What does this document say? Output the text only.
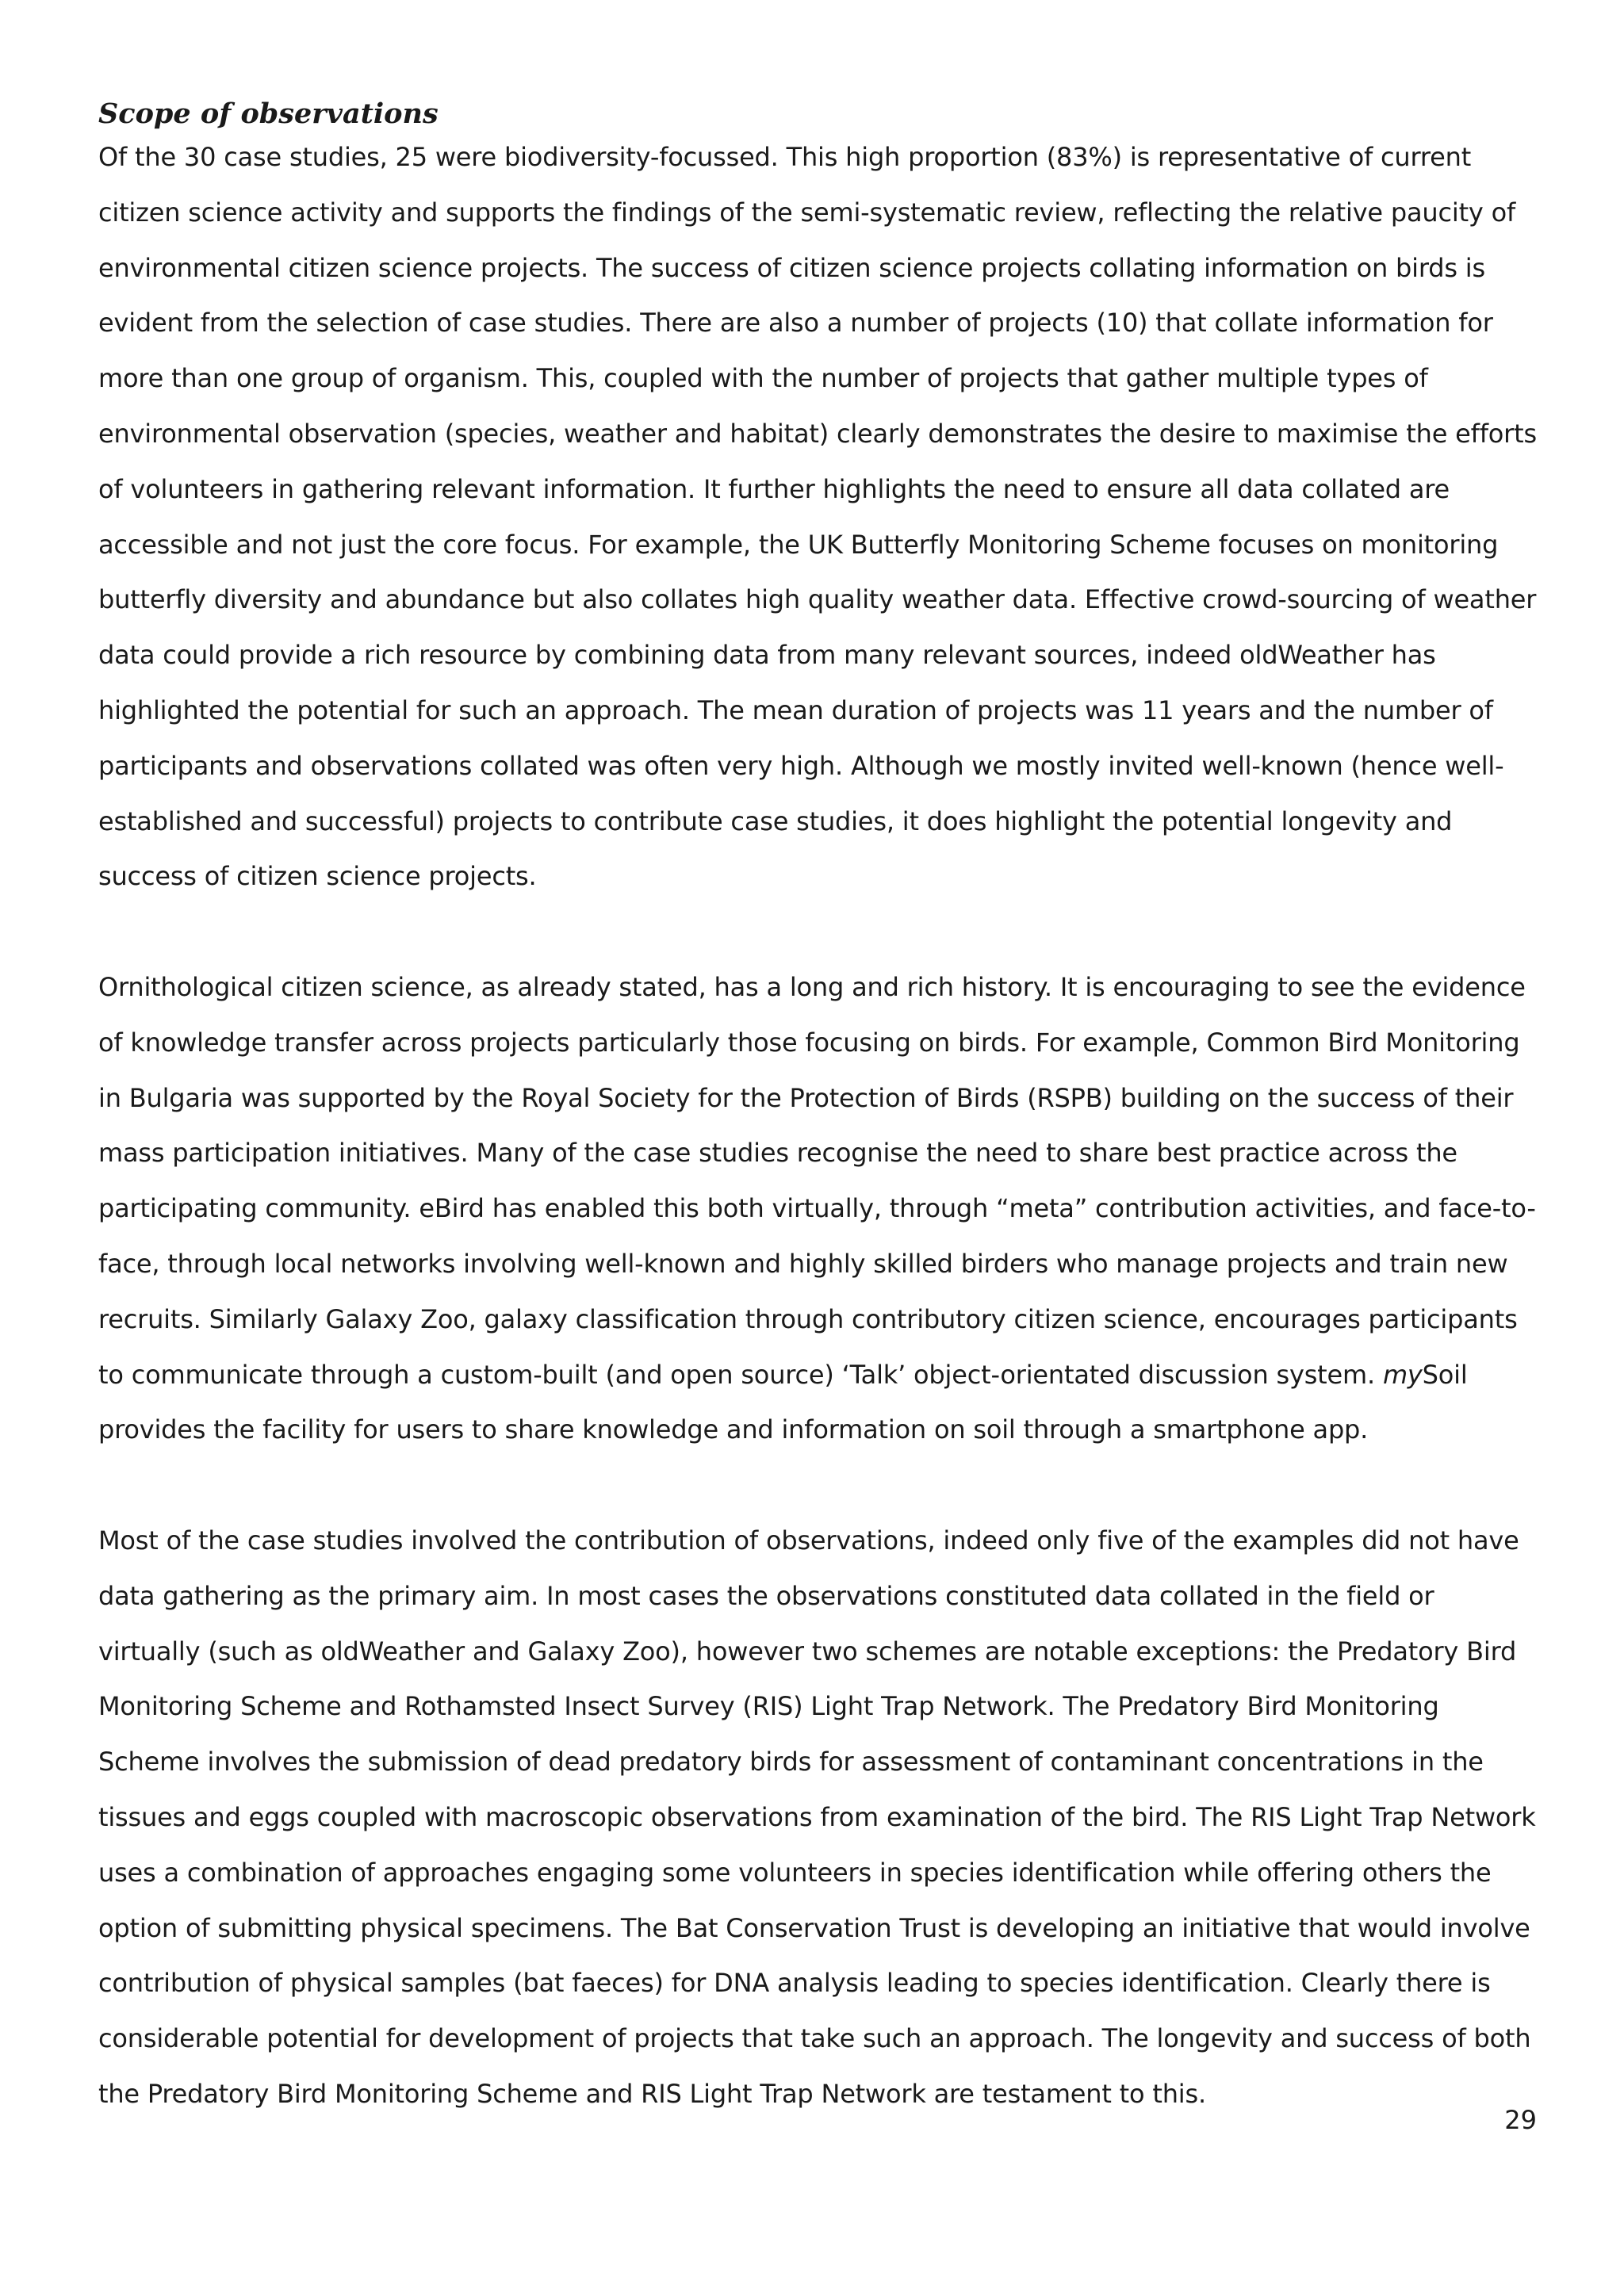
Scope of observations

Of the 30 case studies, 25 were biodiversity-focussed. This high proportion (83%) is representative of current citizen science activity and supports the findings of the semi-systematic review, reflecting the relative paucity of environmental citizen science projects. The success of citizen science projects collating information on birds is evident from the selection of case studies. There are also a number of projects (10) that collate information for more than one group of organism. This, coupled with the number of projects that gather multiple types of environmental observation (species, weather and habitat) clearly demonstrates the desire to maximise the efforts of volunteers in gathering relevant information. It further highlights the need to ensure all data collated are accessible and not just the core focus. For example, the UK Butterfly Monitoring Scheme focuses on monitoring butterfly diversity and abundance but also collates high quality weather data. Effective crowd-sourcing of weather data could provide a rich resource by combining data from many relevant sources, indeed oldWeather has highlighted the potential for such an approach. The mean duration of projects was 11 years and the number of participants and observations collated was often very high. Although we mostly invited well-known (hence well-established and successful) projects to contribute case studies, it does highlight the potential longevity and success of citizen science projects.

Ornithological citizen science, as already stated, has a long and rich history. It is encouraging to see the evidence of knowledge transfer across projects particularly those focusing on birds. For example, Common Bird Monitoring in Bulgaria was supported by the Royal Society for the Protection of Birds (RSPB) building on the success of their mass participation initiatives. Many of the case studies recognise the need to share best practice across the participating community. eBird has enabled this both virtually, through “meta” contribution activities, and face-to-face, through local networks involving well-known and highly skilled birders who manage projects and train new recruits. Similarly Galaxy Zoo, galaxy classification through contributory citizen science, encourages participants to communicate through a custom-built (and open source) ‘Talk’ object-orientated discussion system. mySoil provides the facility for users to share knowledge and information on soil through a smartphone app.

Most of the case studies involved the contribution of observations, indeed only five of the examples did not have data gathering as the primary aim. In most cases the observations constituted data collated in the field or virtually (such as oldWeather and Galaxy Zoo), however two schemes are notable exceptions: the Predatory Bird Monitoring Scheme and Rothamsted Insect Survey (RIS) Light Trap Network. The Predatory Bird Monitoring Scheme involves the submission of dead predatory birds for assessment of contaminant concentrations in the tissues and eggs coupled with macroscopic observations from examination of the bird. The RIS Light Trap Network uses a combination of approaches engaging some volunteers in species identification while offering others the option of submitting physical specimens. The Bat Conservation Trust is developing an initiative that would involve contribution of physical samples (bat faeces) for DNA analysis leading to species identification. Clearly there is considerable potential for development of projects that take such an approach. The longevity and success of both the Predatory Bird Monitoring Scheme and RIS Light Trap Network are testament to this.

29
